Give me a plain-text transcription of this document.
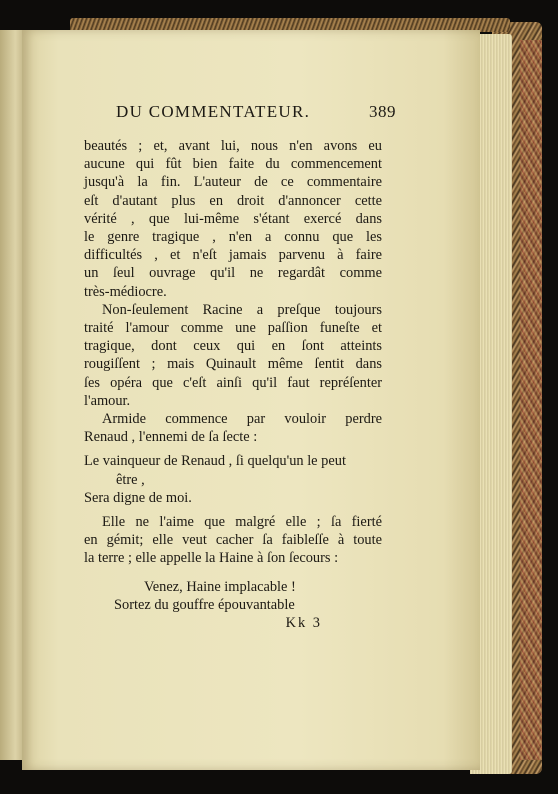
DU COMMENTATEUR.	389

beautés ; et, avant lui, nous n'en avons eu

aucune qui fût bien faite du commencement

jusqu'à la fin. L'auteur de ce commentaire

eſt d'autant plus en droit d'annoncer cette

vérité , que lui-même s'étant exercé dans

le genre tragique , n'en a connu que les

difficultés , et n'eſt jamais parvenu à faire

un ſeul ouvrage qu'il ne regardât comme

très-médiocre.

Non-ſeulement Racine a preſque toujours

traité l'amour comme une paſſion funeſte et

tragique, dont ceux qui en ſont atteints

rougiſſent ; mais Quinault même ſentit dans

ſes opéra que c'eſt ainſi qu'il faut repréſenter

l'amour.

Armide commence par vouloir perdre

Renaud , l'ennemi de ſa ſecte :

Le vainqueur de Renaud , ſi quelqu'un le peut
être ,
Sera digne de moi.

Elle ne l'aime que malgré elle ; ſa fierté

en gémit; elle veut cacher ſa faibleſſe à toute

la terre ; elle appelle la Haine à ſon ſecours :

Venez, Haine implacable !
Sortez du gouffre épouvantable
Kk 3
